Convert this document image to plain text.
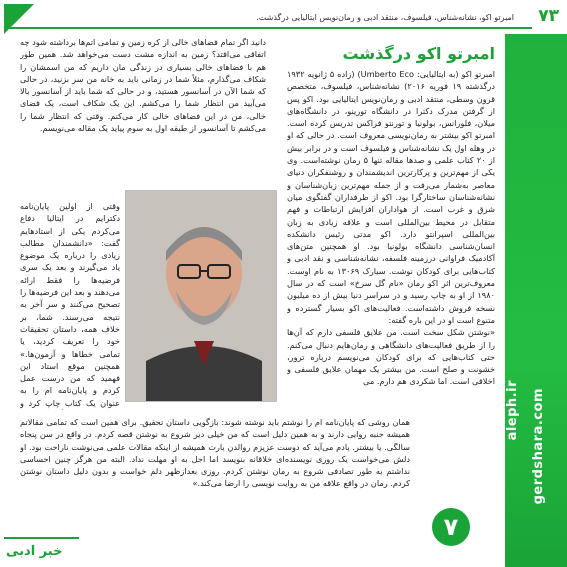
امبرتو اکو، نشانه‌شناس، فیلسوف، منتقد ادبی و رمان‌نویس ایتالیایی درگذشت. ۷۳
aleph.ir gerdshara.com
امبرتو اکو درگذشت

امبرتو اکو (به ایتالیایی: Umberto Eco) (زاده ۵ ژانویه ۱۹۳۲ درگذشته ۱۹ فوریه ۲۰۱۶) نشانه‌شناس، فیلسوف، متخصص قرون وسطی، منتقد ادبی و رمان‌نویس ایتالیایی بود. اکو پس از گرفتن مدرک دکترا در دانشگاه تورینو، در دانشگاه‌های میلان، فلورانس، بولونیا و تورنتو فراکس تدریس کرده است. امبرتو اکو بیشتر به رمان‌نویسی معروف است. در حالی که او در وهله اول یک نشانه‌شناس و فیلسوف است و در برابر بیش از ۲۰ کتاب علمی و صدها مقاله تنها ۵ رمان نوشته‌است. وی یکی از مهم‌ترین و پرکارترین اندیشمندان و روشنفکران دنیای معاصر به‌شمار می‌رفت و از جمله مهم‌ترین زبان‌شناسان و نشانه‌شناسان ساختارگرا بود. اکو از طرفداران گفتگوی میان شرق و غرب است. از هواداران افزایش ارتباطات و فهم متقابل در محیط بین‌المللی است و علاقه زیادی به زبان بین‌المللی اسپرانتو دارد. اکو مدتی رئیس دانشکده انسان‌شناسی دانشگاه بولونیا بود. او همچنین متن‌های آکادمیک فراوانی درزمینه فلسفه، نشانه‌شناسی و نقد ادبی و کتاب‌هایی برای کودکان نوشت. سیارک ۱۳۰۶۹ به نام اوست. معروف‌ترین اثر اکو رمان «نام گل سرخ» است که در سال ۱۹۸۰ از او به چاپ رسید و در سراسر دنیا بیش از ده میلیون نسخه فروش داشته‌است. فعالیت‌های اکو بسیار گسترده و متنوع است او در این باره گفته:

«نوشتن شکل سخت است. من علایق فلسفی دارم که آن‌ها را از طریق فعالیت‌های دانشگاهی و رمان‌هایم دنبال می‌کنم. حتی کتاب‌هایی که برای کودکان می‌نویسم درباره ترور، خشونت و صلح است. من بیشتر یک مهمان علایق فلسفی و اخلاقی است. اما شکردی هم دارم. می‌

دانید اگر تمام فضاهای خالی از کره زمین و تمامی اتم‌ها برداشته شود چه اتفاقی می‌افتد؟ زمین به اندازه مشت دست می‌خواهد شد. همین طور هم با فضاهای خالی بسیاری در زندگی مان داریم که من اسمشان را شکاف می‌گذارم، مثلاً شما در زمانی باید به خانه من سر بزنید، در حالی که شما الآن در آسانسور هستید، و در حالی که شما باید از آسانسور بالا می‌آیید من انتظار شما را می‌کشم. این یک شکاف است، یک فضای خالی، من در این فضاهای خالی کار می‌کنم. وقتی که انتظار شما را می‌کشم تا آسانسور از طبقه اول به سوم پیاید یک مقاله می‌نویسم.

وقتی از اولین پایان‌نامه دکترایم در ایتالیا دفاع می‌کردم یکی از استادهایم گفت: «دانشمندان مطالب زیادی را درباره یک موضوع یاد می‌گیرند و بعد یک سری فرضیه‌ها را فقط ارائه می‌دهند و بعد این فرضیه‌ها را تصحیح می‌کنند و سر آخر به نتیجه می‌رسند. شما، بر خلاف همه، داستان تحقیقات خود را تعریف کردید، یا تمامی خطاها و آزمون‌ها.» همچنین موقع استاد این فهمید که من درست عمل کردم و پایان‌نامه ام را به عنوان یک کتاب چاپ کرد و

همان روشی که پایان‌نامه ام را نوشتم باید نوشته شوند: بازگویی داستان تحقیق. برای همین است که تمامی مقالاتم همیشه جنبه روایی دارند و به همین دلیل است که من خیلی دیر شروع به نوشتن قصه کردم. در واقع در سن پنجاه سالگی. یا بیشتر. یادم می‌آید که دوست عزیزم روالدن بارت همیشه از اینکه مقالات علمی می‌نوشت ناراحت بود. او دلش می‌خواست یک روزی نویسنده‌ای خلاقانه بنویسد اما اجل به او مهلت نداد. البته من هرگز چنین احساسی نداشتم به طور تصادفی شروع به رمان نوشتن کردم. روزی بعدازظهر دلم خواست و بدون دلیل داستان نوشتن کردم. رمان در واقع علاقه من به روایت نویسی را ارضا می‌کند.»

۷
خبر ادبی
